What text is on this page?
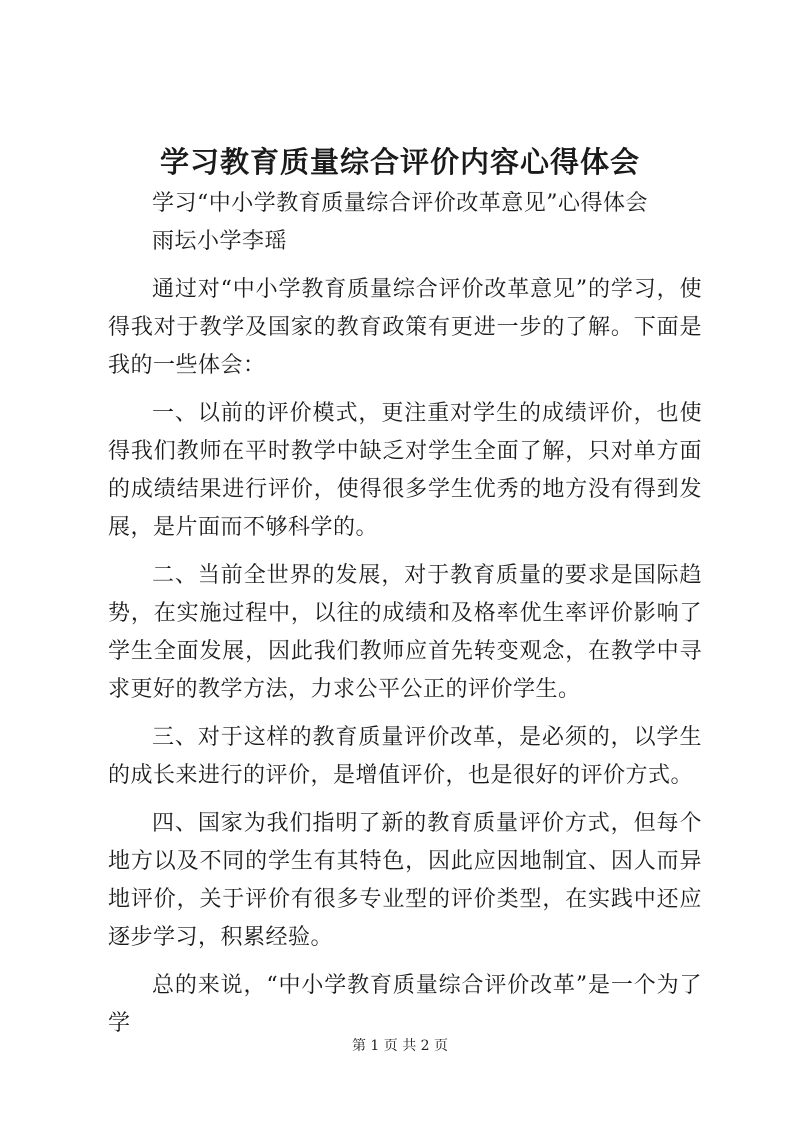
学习教育质量综合评价内容心得体会

学习“中小学教育质量综合评价改革意见”心得体会

雨坛小学李瑶

通过对“中小学教育质量综合评价改革意见”的学习，使得我对于教学及国家的教育政策有更进一步的了解。下面是我的一些体会：

一、以前的评价模式，更注重对学生的成绩评价，也使得我们教师在平时教学中缺乏对学生全面了解，只对单方面的成绩结果进行评价，使得很多学生优秀的地方没有得到发展，是片面而不够科学的。

二、当前全世界的发展，对于教育质量的要求是国际趋势，在实施过程中，以往的成绩和及格率优生率评价影响了学生全面发展，因此我们教师应首先转变观念，在教学中寻求更好的教学方法，力求公平公正的评价学生。

三、对于这样的教育质量评价改革，是必须的，以学生的成长来进行的评价，是增值评价，也是很好的评价方式。

四、国家为我们指明了新的教育质量评价方式，但每个地方以及不同的学生有其特色，因此应因地制宜、因人而异地评价，关于评价有很多专业型的评价类型，在实践中还应逐步学习，积累经验。

总的来说，“中小学教育质量综合评价改革”是一个为了学

第 1 页 共 2 页
